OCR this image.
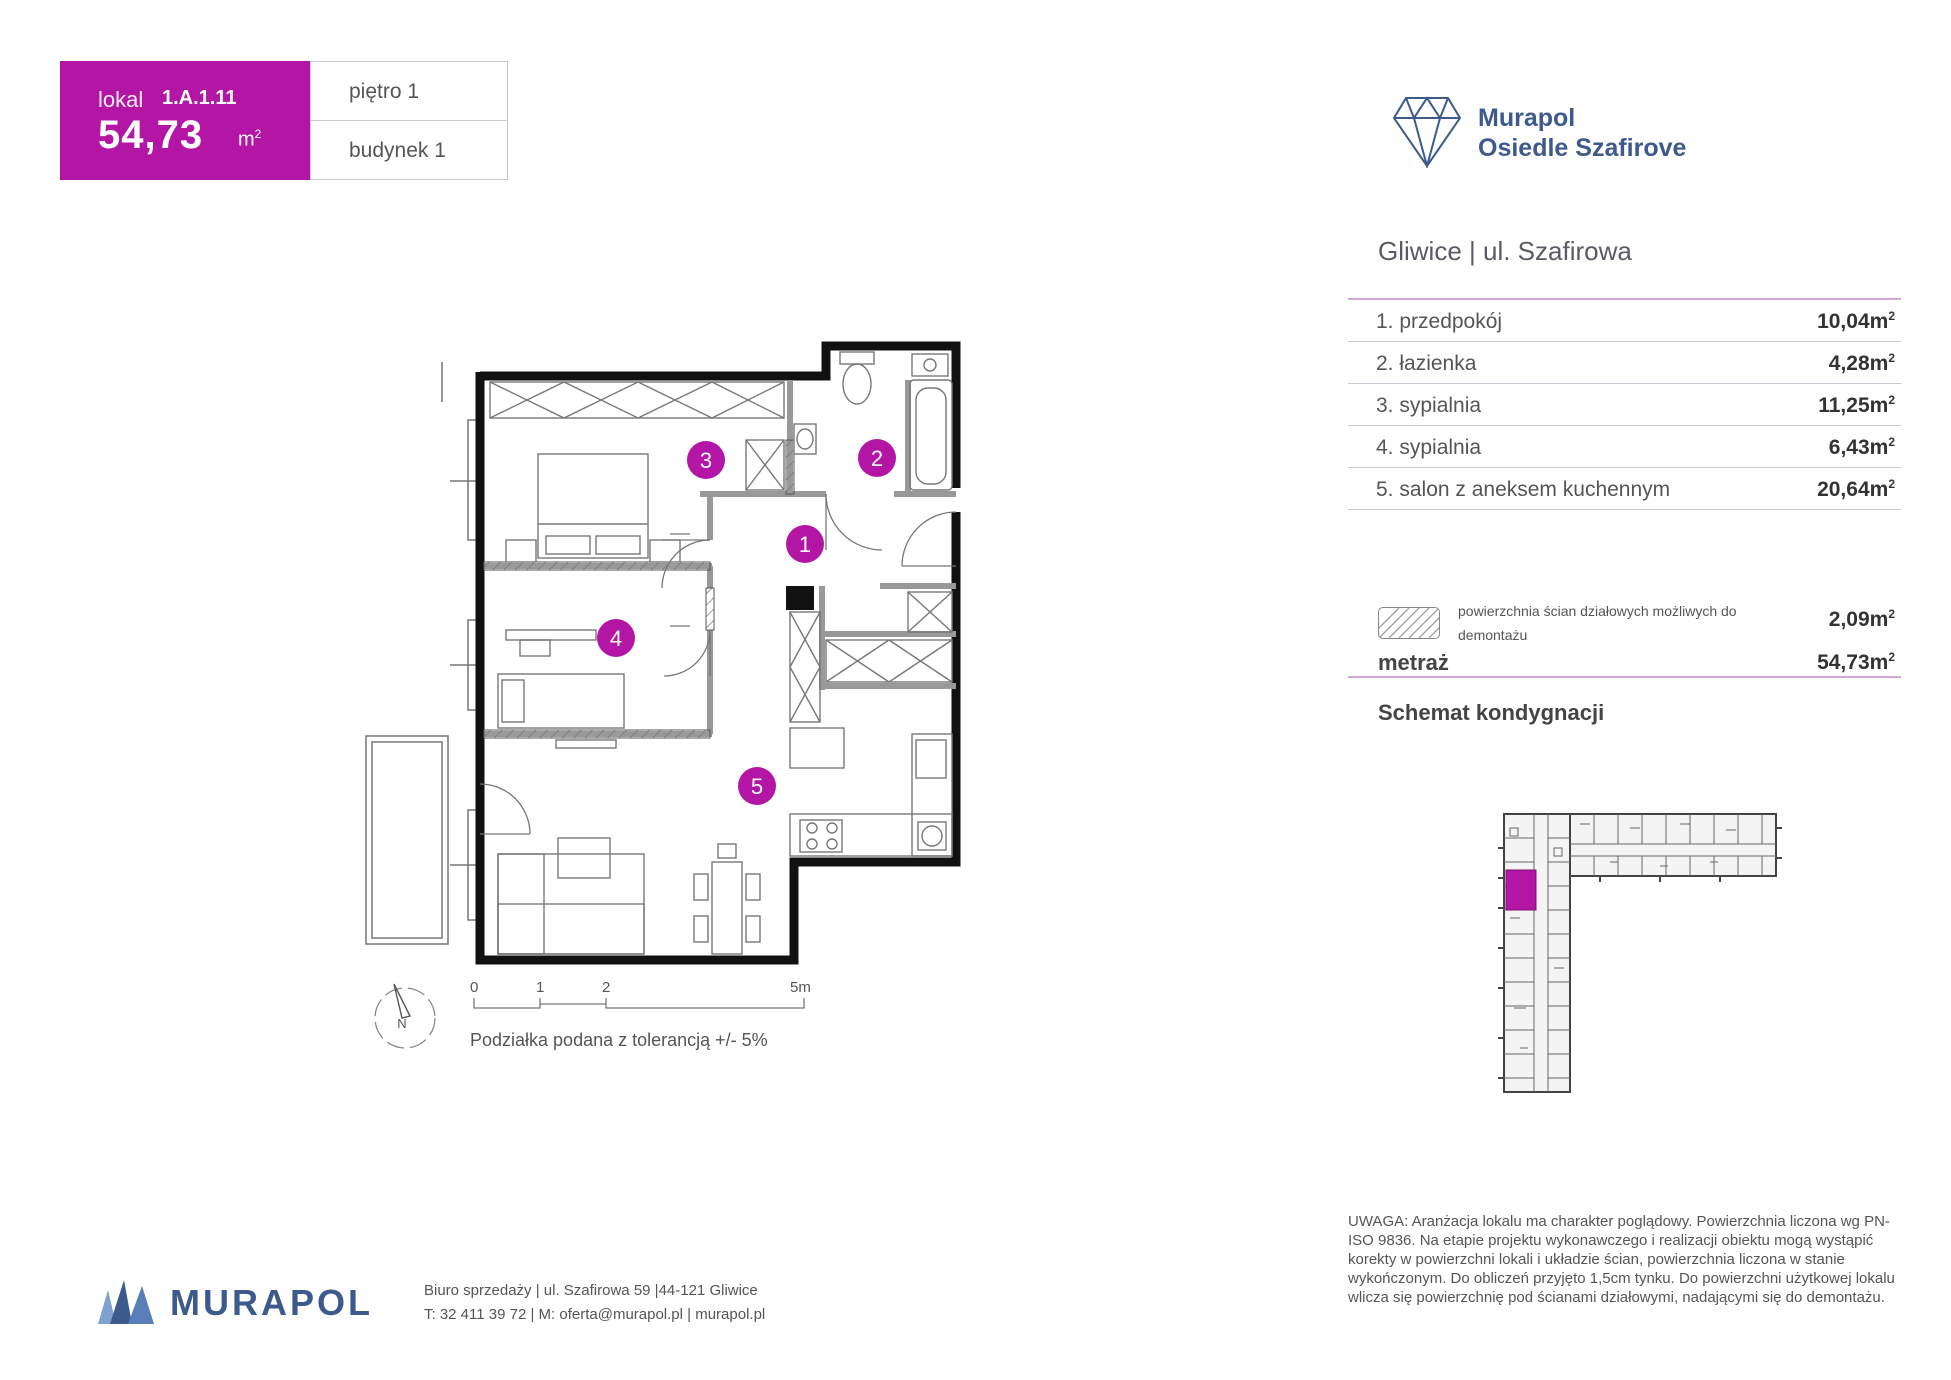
lokal 1.A.1.11
54,73 $m^2$
piętro 1
budynek 1
Murapol
Osiedle Szafirove
Gliwice | ul. Szafirowa
1. przedpokój	$10,04m^2$
2. łazienka	$4,28m^2$
3. sypialnia	$11,25m^2$
4. sypialnia	$6,43m^2$
5. salon z aneksem kuchennym	$20,64m^2$
powierzchnia ścian działowych możliwych do demontażu
$2,09m^2$
metraż	$54,73m^2$
Schemat kondygnacji
1
2
3
4
5
N
0	1	2	5m
Podziałka podana z tolerancją +/- 5%
MURAPOL	Biuro sprzedaży | ul. Szafirowa 59 |44-121 Gliwice
T: 32 411 39 72 | M: oferta@murapol.pl | murapol.pl
UWAGA: Aranżacja lokalu ma charakter poglądowy. Powierzchnia liczona wg PN-ISO 9836. Na etapie projektu wykonawczego i realizacji obiektu mogą wystąpić korekty w powierzchni lokali i układzie ścian, powierzchnia liczona w stanie wykończonym. Do obliczeń przyjęto 1,5cm tynku. Do powierzchni użytkowej lokalu wlicza się powierzchnię pod ścianami działowymi, nadającymi się do demontażu.
